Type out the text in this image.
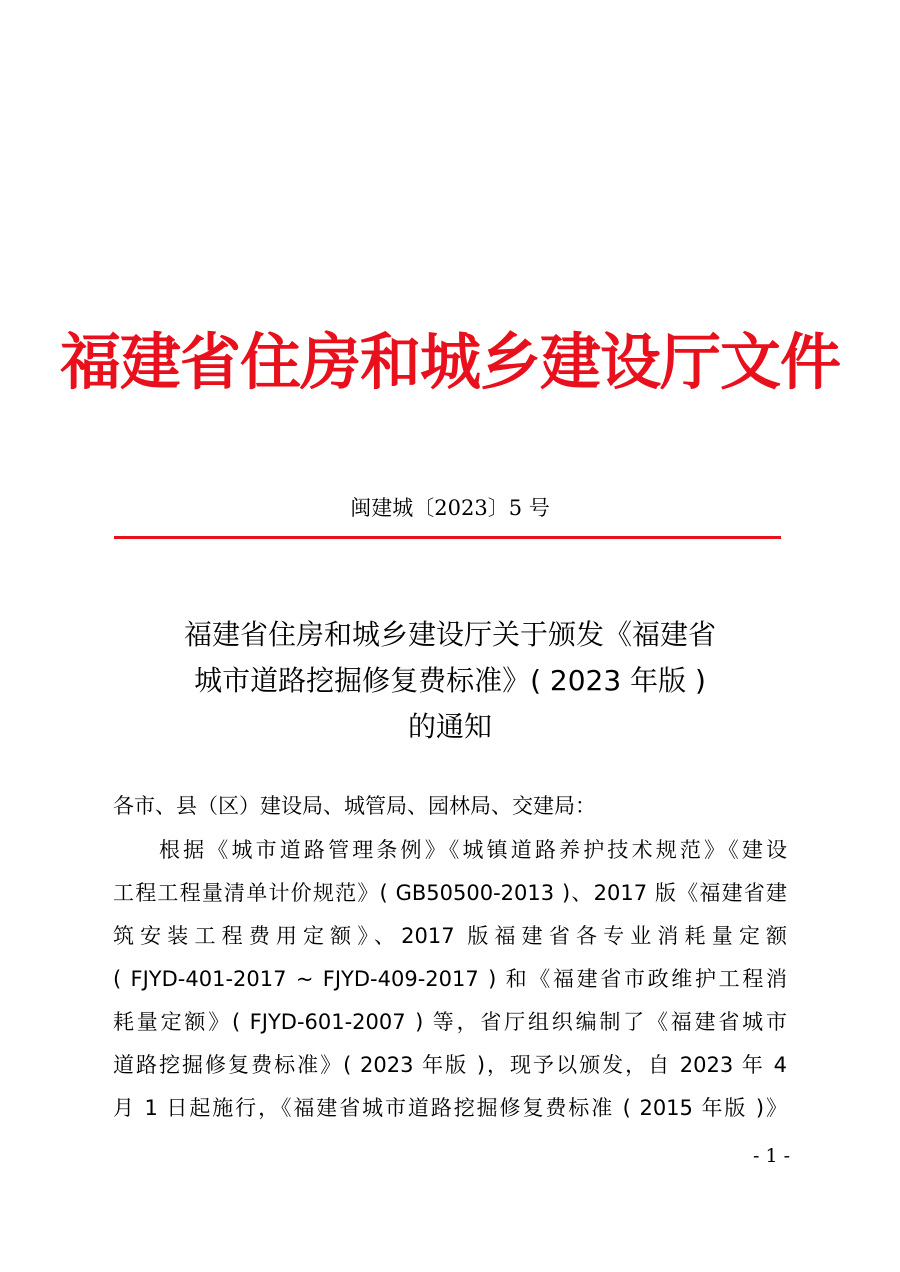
福建省住房和城乡建设厅文件
闽建城〔2023〕5 号
福建省住房和城乡建设厅关于颁发《福建省
城市道路挖掘修复费标准》( 2023 年版 )
的通知
各市、县（区）建设局、城管局、园林局、交建局：
根据《城市道路管理条例》《城镇道路养护技术规范》《建设
工程工程量清单计价规范》( GB50500-2013 )、2017 版《福建省建
筑安装工程费用定额》、2017 版福建省各专业消耗量定额
( FJYD-401-2017 ~ FJYD-409-2017 ) 和《福建省市政维护工程消
耗量定额》( FJYD-601-2007 ) 等，省厅组织编制了《福建省城市
道路挖掘修复费标准》( 2023 年版 )，现予以颁发，自 2023 年 4
月 1 日起施行，《福建省城市道路挖掘修复费标准 ( 2015 年版 )》
- 1 -
